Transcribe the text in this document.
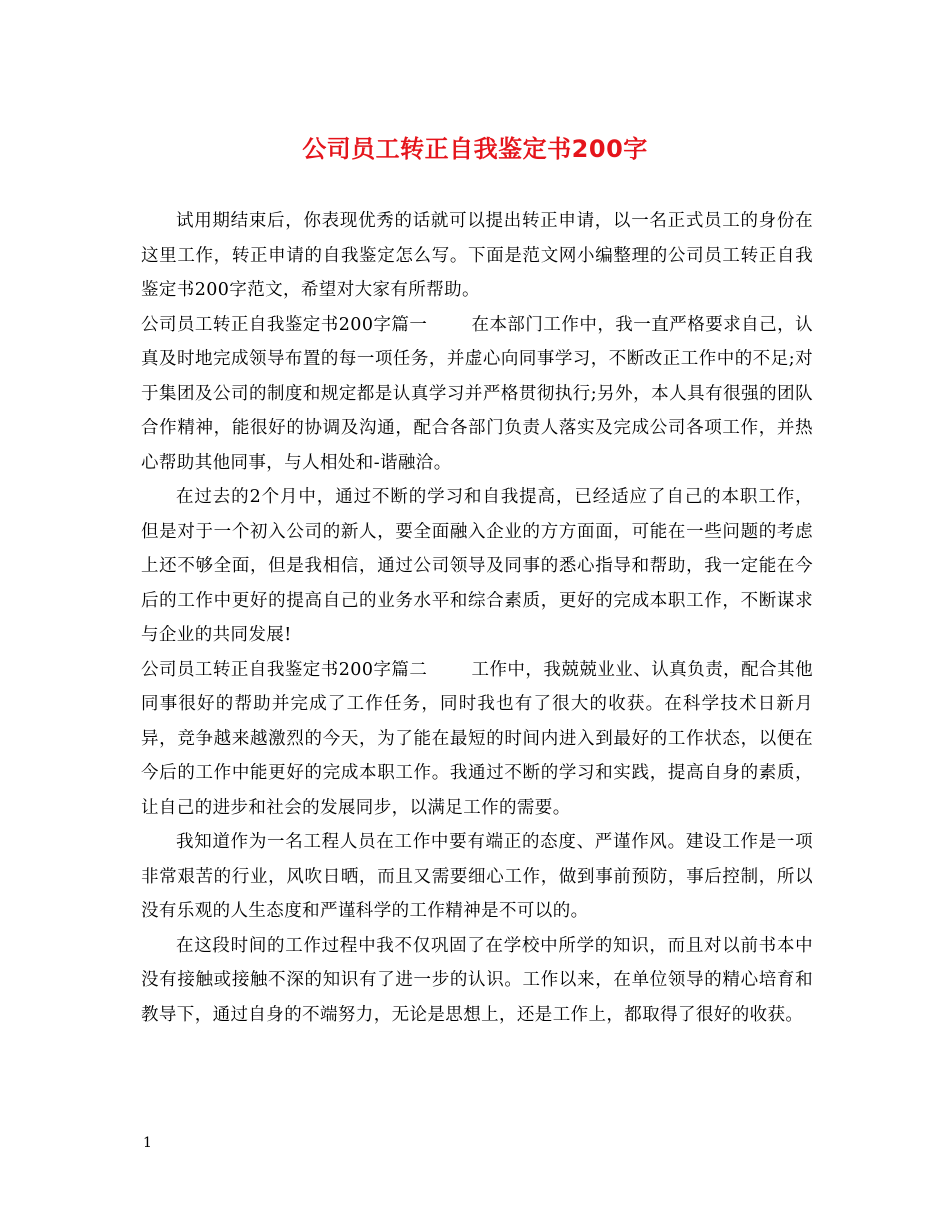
公司员工转正自我鉴定书200字

试用期结束后，你表现优秀的话就可以提出转正申请，以一名正式员工的身份在这里工作，转正申请的自我鉴定怎么写。下面是范文网小编整理的公司员工转正自我鉴定书200字范文，希望对大家有所帮助。

公司员工转正自我鉴定书200字篇一	在本部门工作中，我一直严格要求自己，认真及时地完成领导布置的每一项任务，并虚心向同事学习，不断改正工作中的不足;对于集团及公司的制度和规定都是认真学习并严格贯彻执行;另外，本人具有很强的团队合作精神，能很好的协调及沟通，配合各部门负责人落实及完成公司各项工作，并热心帮助其他同事，与人相处和-谐融洽。

在过去的2个月中，通过不断的学习和自我提高，已经适应了自己的本职工作，但是对于一个初入公司的新人，要全面融入企业的方方面面，可能在一些问题的考虑上还不够全面，但是我相信，通过公司领导及同事的悉心指导和帮助，我一定能在今后的工作中更好的提高自己的业务水平和综合素质，更好的完成本职工作，不断谋求与企业的共同发展!

公司员工转正自我鉴定书200字篇二	工作中，我兢兢业业、认真负责，配合其他同事很好的帮助并完成了工作任务，同时我也有了很大的收获。在科学技术日新月异，竞争越来越激烈的今天，为了能在最短的时间内进入到最好的工作状态，以便在今后的工作中能更好的完成本职工作。我通过不断的学习和实践，提高自身的素质，让自己的进步和社会的发展同步，以满足工作的需要。

我知道作为一名工程人员在工作中要有端正的态度、严谨作风。建设工作是一项非常艰苦的行业，风吹日晒，而且又需要细心工作，做到事前预防，事后控制，所以没有乐观的人生态度和严谨科学的工作精神是不可以的。

在这段时间的工作过程中我不仅巩固了在学校中所学的知识，而且对以前书本中没有接触或接触不深的知识有了进一步的认识。工作以来，在单位领导的精心培育和教导下，通过自身的不端努力，无论是思想上，还是工作上，都取得了很好的收获。

1
